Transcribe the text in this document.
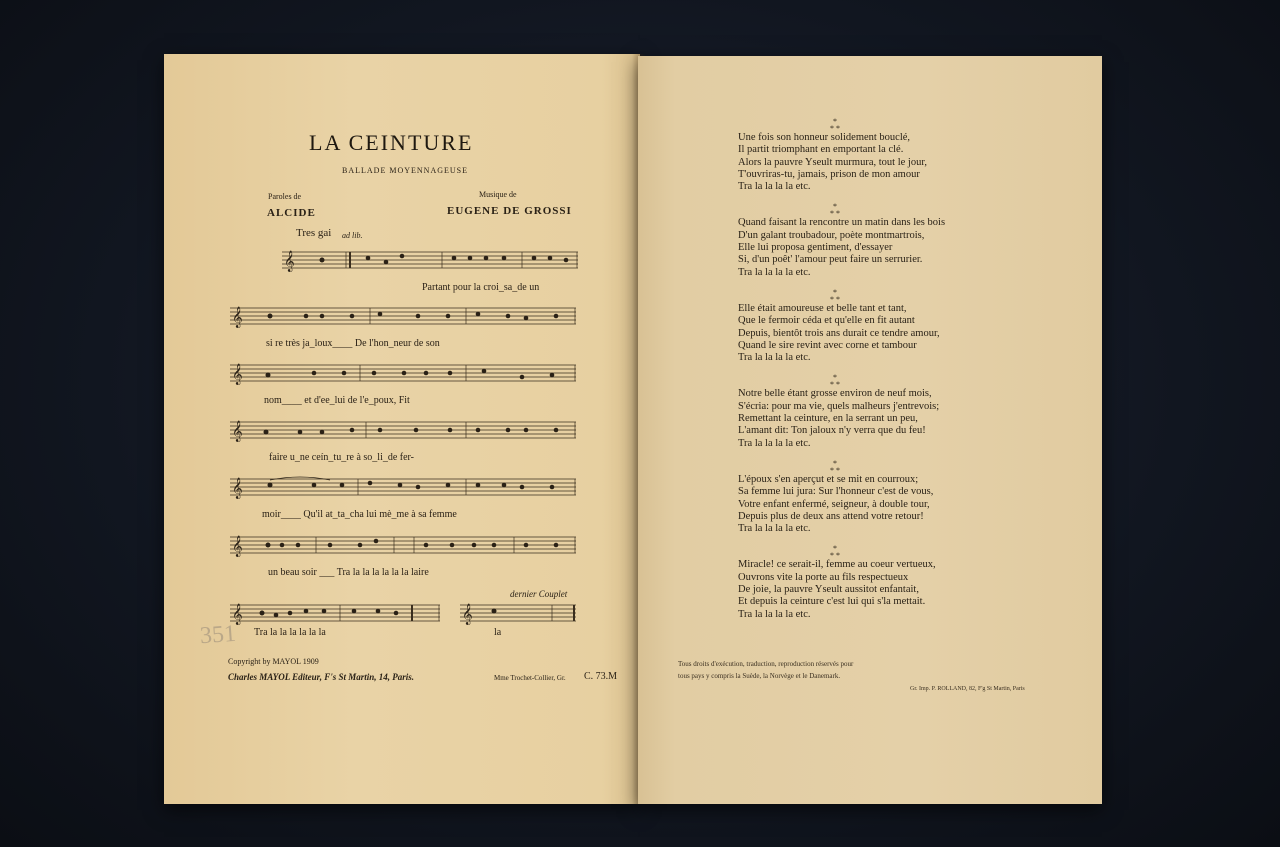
LA CEINTURE
BALLADE MOYENNAGEUSE
Paroles de
ALCIDE
Musique de
EUGENE DE GROSSI
Tres gai ad lib.
𝄞
Partant pour la croi_sa_de un
𝄞
si re très ja_loux____ De l'hon_neur de son
𝄞
nom____ et d'ee_lui de l'e_poux, Fit
𝄞
faire u_ne ceín_tu_re à so_li_de fer-
𝄞
moir____ Qu'il at_ta_cha lui mè_me à sa femme
𝄞
un beau soir ___ Tra la la la la la la laire
dernier Couplet
𝄞	𝄞
Tra la la la la la la	la
351
Copyright by MAYOL 1909
Charles MAYOL Editeur, F's St Martin, 14, Paris.	Mme Trochet-Collier, Gr. C. 73.M
*
* *
Une fois son honneur solidement bouclé,
Il partit triomphant en emportant la clé.
Alors la pauvre Yseult murmura, tout le jour,
T'ouvriras-tu, jamais, prison de mon amour
Tra la la la la etc.
*
* *
Quand faisant la rencontre un matin dans les bois
D'un galant troubadour, poète montmartrois,
Elle lui proposa gentiment, d'essayer
Si, d'un poêt' l'amour peut faire un serrurier.
Tra la la la la etc.
*
* *
Elle était amoureuse et belle tant et tant,
Que le fermoir céda et qu'elle en fit autant
Depuis, bientôt trois ans durait ce tendre amour,
Quand le sire revint avec corne et tambour
Tra la la la la etc.
*
* *
Notre belle étant grosse environ de neuf mois,
S'écria: pour ma vie, quels malheurs j'entrevois;
Remettant la ceinture, en la serrant un peu,
L'amant dit: Ton jaloux n'y verra que du feu!
Tra la la la la etc.
*
* *
L'époux s'en aperçut et se mit en courroux;
Sa femme lui jura: Sur l'honneur c'est de vous,
Votre enfant enfermé, seigneur, à double tour,
Depuis plus de deux ans attend votre retour!
Tra la la la la etc.
*
* *
Miracle! ce serait-il, femme au coeur vertueux,
Ouvrons vite la porte au fils respectueux
De joie, la pauvre Yseult aussitot enfantait,
Et depuis la ceinture c'est lui qui s'la mettait.
Tra la la la la etc.
Tous droits d'exécution, traduction, reproduction réservés pour
tous pays y compris la Suède, la Norvège et le Danemark.
Gr. Imp. P. ROLLAND, 82, F'g St Martin, Paris
